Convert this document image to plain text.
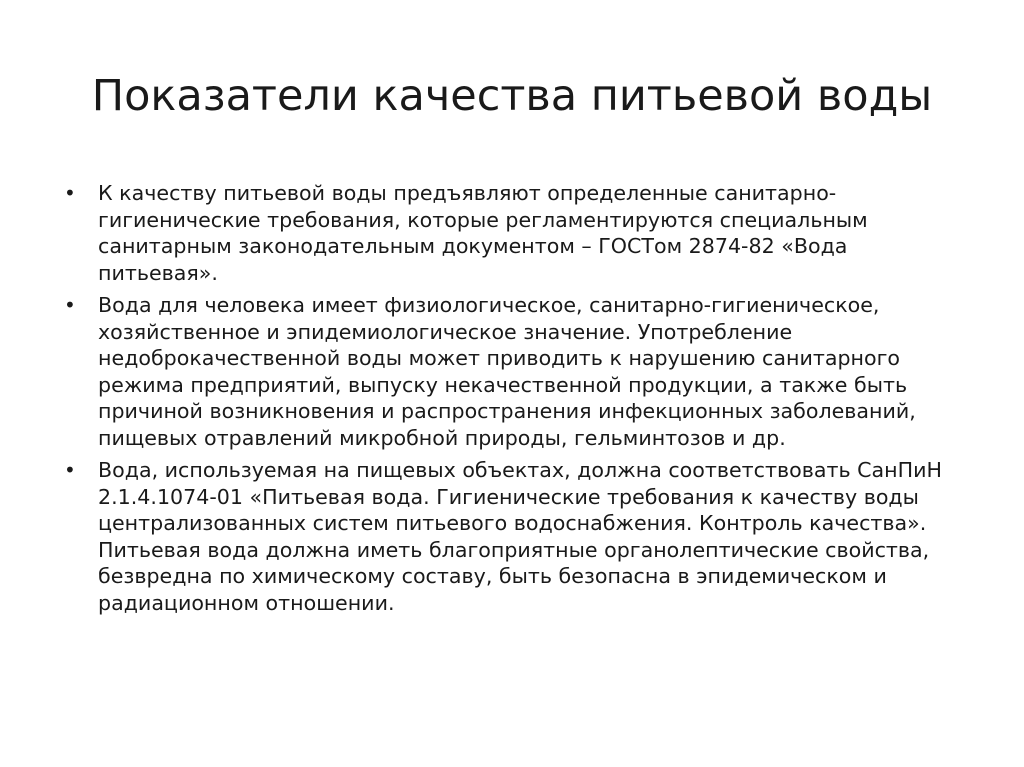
Показатели качества питьевой воды
• К качеству питьевой воды предъявляют определенные санитарно-гигиенические требования, которые регламентируются специальным санитарным законодательным документом – ГОСТом 2874-82 «Вода питьевая».
• Вода для человека имеет физиологическое, санитарно-гигиеническое, хозяйственное и эпидемиологическое значение. Употребление недоброкачественной воды может приводить к нарушению санитарного режима предприятий, выпуску некачественной продукции, а также быть причиной возникновения и распространения инфекционных заболеваний, пищевых отравлений микробной природы, гельминтозов и др.
• Вода, используемая на пищевых объектах, должна соответствовать СанПиН 2.1.4.1074-01 «Питьевая вода. Гигиенические требования к качеству воды централизованных систем питьевого водоснабжения. Контроль качества». Питьевая вода должна иметь благоприятные органолептические свойства, безвредна по химическому составу, быть безопасна в эпидемическом и радиационном отношении.
